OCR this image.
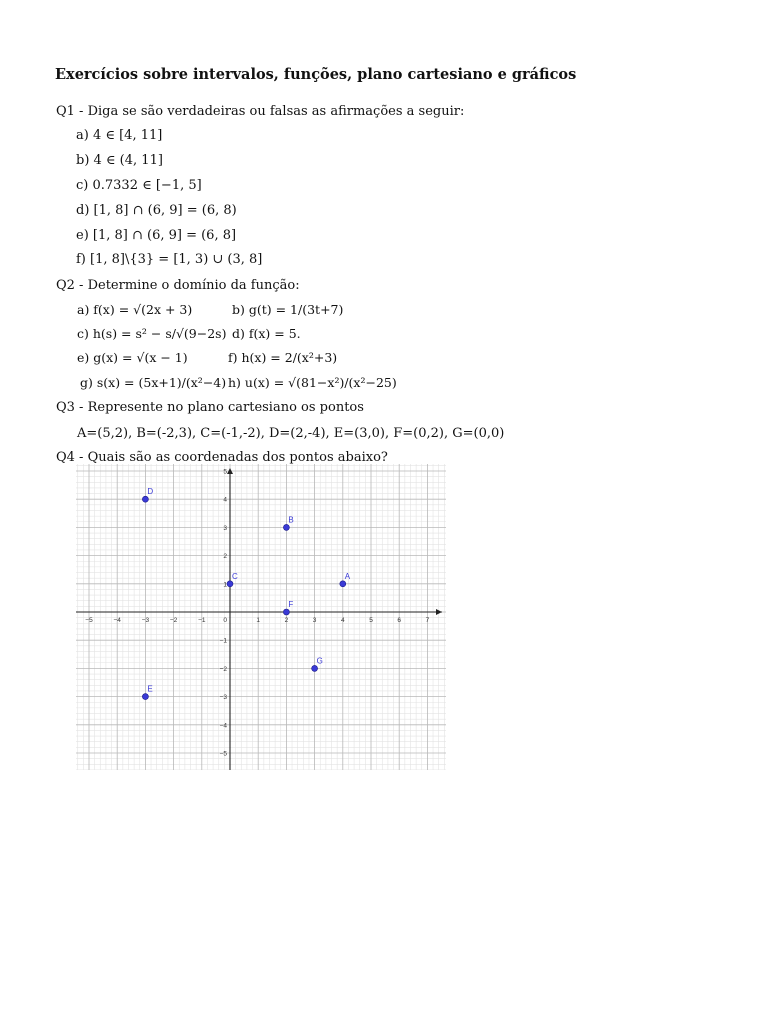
Exercícios sobre intervalos, funções, plano cartesiano e gráficos
Q1 - Diga se são verdadeiras ou falsas as afirmações a seguir:
a) 4 ∈ [4, 11]
b) 4 ∈ (4, 11]
c) 0.7332 ∈ [−1, 5]
d) [1, 8] ∩ (6, 9] = (6, 8)
e) [1, 8] ∩ (6, 9] = (6, 8]
f) [1, 8]\{3} = [1, 3) ∪ (3, 8]
Q2 - Determine o domínio da função:
a) f(x) = √(2x + 3)	b) g(t) = 1/(3t+7)
c) h(s) = s² − s/√(9−2s) d) f(x) = 5.
e) g(x) = √(x − 1)	f) h(x) = 2/(x²+3)
g) s(x) = (5x+1)/(x²−4) h) u(x) = √(81−x²)/(x²−25)
Q3 - Represente no plano cartesiano os pontos
A=(5,2), B=(-2,3), C=(-1,-2), D=(2,-4), E=(3,0), F=(0,2), G=(0,0)
Q4 - Quais são as coordenadas dos pontos abaixo?
−5	−4	−3	−2	−1	1	2	3	4	5	6	7
−5
−4
−3
−2
−1
1
2
3
4
5
0
D
B
C	A
F
G
E
